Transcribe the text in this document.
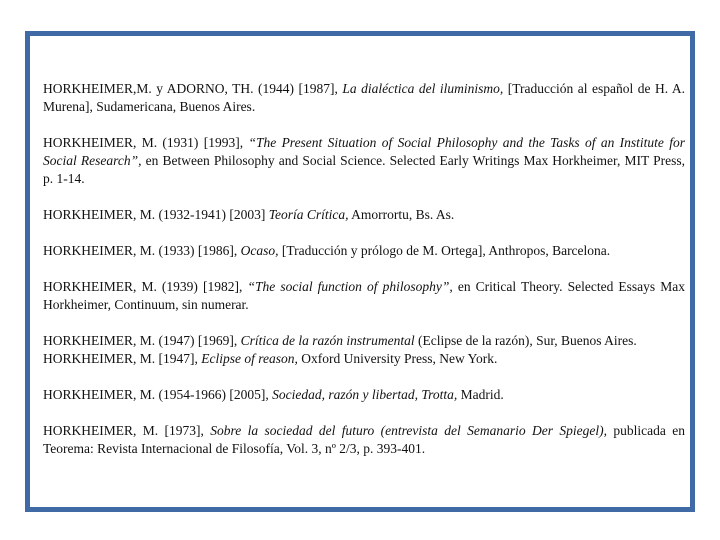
HORKHEIMER,M. y ADORNO, TH. (1944) [1987], La dialéctica del iluminismo, [Traducción al español de H. A. Murena], Sudamericana, Buenos Aires.

HORKHEIMER, M. (1931) [1993], “The Present Situation of Social Philosophy and the Tasks of an Institute for Social Research”, en Between Philosophy and Social Science. Selected Early Writings Max Horkheimer, MIT Press, p. 1-14.

HORKHEIMER, M. (1932-1941) [2003] Teoría Crítica, Amorrortu, Bs. As.

HORKHEIMER, M. (1933) [1986], Ocaso, [Traducción y prólogo de M. Ortega], Anthropos, Barcelona.

HORKHEIMER, M. (1939) [1982], “The social function of philosophy”, en Critical Theory. Selected Essays Max Horkheimer, Continuum, sin numerar.

HORKHEIMER, M. (1947) [1969], Crítica de la razón instrumental (Eclipse de la razón), Sur, Buenos Aires.
HORKHEIMER, M. [1947], Eclipse of reason, Oxford University Press, New York.

HORKHEIMER, M. (1954-1966) [2005], Sociedad, razón y libertad, Trotta, Madrid.

HORKHEIMER, M. [1973], Sobre la sociedad del futuro (entrevista del Semanario Der Spiegel), publicada en Teorema: Revista Internacional de Filosofía, Vol. 3, nº 2/3, p. 393-401.
